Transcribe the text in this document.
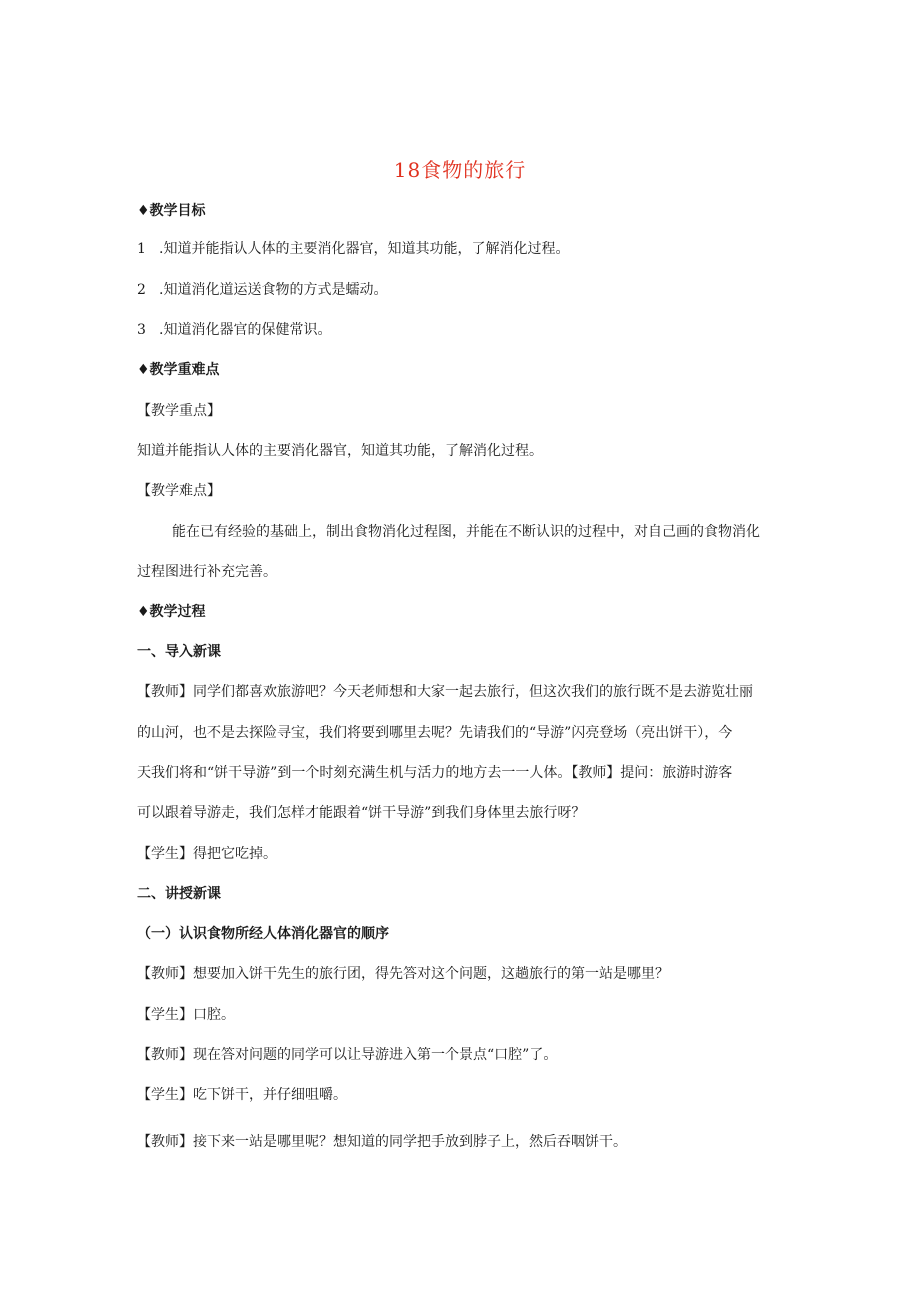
18食物的旅行
♦教学目标
1 .知道并能指认人体的主要消化器官，知道其功能，了解消化过程。
2 .知道消化道运送食物的方式是蠕动。
3 .知道消化器官的保健常识。
♦教学重难点
【教学重点】
知道并能指认人体的主要消化器官，知道其功能，了解消化过程。
【教学难点】
能在已有经验的基础上，制出食物消化过程图，并能在不断认识的过程中，对自己画的食物消化
过程图进行补充完善。
♦教学过程
一、导入新课
【教师】同学们都喜欢旅游吧？今天老师想和大家一起去旅行，但这次我们的旅行既不是去游览壮丽
的山河，也不是去探险寻宝，我们将要到哪里去呢？先请我们的“导游”闪亮登场（亮出饼干），今
天我们将和“饼干导游”到一个时刻充满生机与活力的地方去一一人体。【教师】提问：旅游时游客
可以跟着导游走，我们怎样才能跟着“饼干导游”到我们身体里去旅行呀？
【学生】得把它吃掉。
二、讲授新课
（一）认识食物所经人体消化器官的顺序
【教师】想要加入饼干先生的旅行团，得先答对这个问题，这趟旅行的第一站是哪里？
【学生】口腔。
【教师】现在答对问题的同学可以让导游进入第一个景点“口腔”了。
【学生】吃下饼干，并仔细咀嚼。
【教师】接下来一站是哪里呢？想知道的同学把手放到脖子上，然后吞咽饼干。
